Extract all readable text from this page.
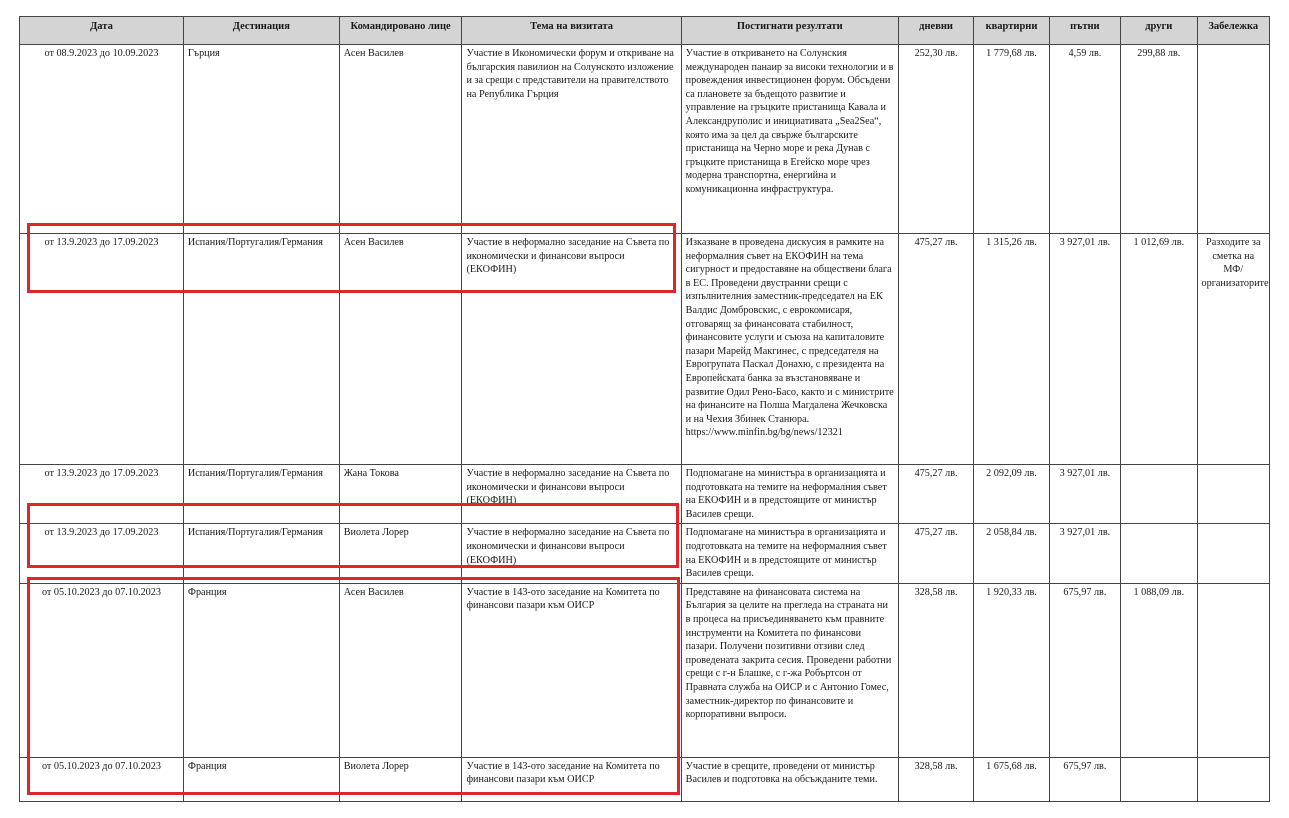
Дата	Дестинация	Командировано лице	Тема на визитата	Постигнати резултати	дневни	квартирни	пътни	други	Забележка
от 08.9.2023 до 10.09.2023	Гърция	Асен Василев	Участие в Икономически форум и откриване на българския павилион на Солунското изложение и за срещи с представители на правителството на Република Гърция	Участие в откриването на Солунския международен панаир за високи технологии и в провеждения инвестиционен форум. Обсъдени са плановете за бъдещото развитие и управление на гръцките пристанища Кавала и Александруполис и инициативата „Sea2Sea“, която има за цел да свърже българските пристанища на Черно море и река Дунав с гръцките пристанища в Егейско море чрез модерна транспортна, енергийна и комуникационна инфраструктура.	252,30 лв.	1 779,68 лв.	4,59 лв.	299,88 лв.	
от 13.9.2023 до 17.09.2023	Испания/Португалия/Германия	Асен Василев	Участие в неформално заседание на Съвета по икономически и финансови въпроси (ЕКОФИН)	Изказване в проведена дискусия в рамките на неформалния съвет на ЕКОФИН на тема сигурност и предоставяне на обществени блага в ЕС. Проведени двустранни срещи с изпълнителния заместник-председател на ЕК Валдис Домбровскис, с еврокомисаря, отговарящ за финансовата стабилност, финансовите услуги и съюза на капиталовите пазари Марейд Макгинес, с председателя на Еврогрупата Паскал Донахю, с президента на Европейската банка за възстановяване и развитие Одил Рено-Басо, както и с министрите на финансите на Полша Магдалена Жечковска и на Чехия Збинек Станюра. https://www.minfin.bg/bg/news/12321	475,27 лв.	1 315,26 лв.	3 927,01 лв.	1 012,69 лв.	Разходите за сметка на МФ/организаторите
от 13.9.2023 до 17.09.2023	Испания/Португалия/Германия	Жана Токова	Участие в неформално заседание на Съвета по икономически и финансови въпроси (ЕКОФИН)	Подпомагане на министъра в организацията и подготовката на темите на неформалния съвет на ЕКОФИН и в предстоящите от министър Василев срещи.	475,27 лв.	2 092,09 лв.	3 927,01 лв.		
от 13.9.2023 до 17.09.2023	Испания/Португалия/Германия	Виолета Лорер	Участие в неформално заседание на Съвета по икономически и финансови въпроси (ЕКОФИН)	Подпомагане на министъра в организацията и подготовката на темите на неформалния съвет на ЕКОФИН и в предстоящите от министър Василев срещи.	475,27 лв.	2 058,84 лв.	3 927,01 лв.		
от 05.10.2023 до 07.10.2023	Франция	Асен Василев	Участие в 143-ото заседание на Комитета по финансови пазари към ОИСР	Представяне на финансовата система на България за целите на прегледа на страната ни в процеса на присъединяването към правните инструменти на Комитета по финансови пазари. Получени позитивни отзиви след проведената закрита сесия. Проведени работни срещи с г-н Блашке, с г-жа Робъртсон от Правната служба на ОИСР и с Антонио Гомес, заместник-директор по финансовите и корпоративни въпроси.	328,58 лв.	1 920,33 лв.	675,97 лв.	1 088,09 лв.	
от 05.10.2023 до 07.10.2023	Франция	Виолета Лорер	Участие в 143-ото заседание на Комитета по финансови пазари към ОИСР	Участие в срещите, проведени от министър Василев и подготовка на обсъжданите теми.	328,58 лв.	1 675,68 лв.	675,97 лв.		
